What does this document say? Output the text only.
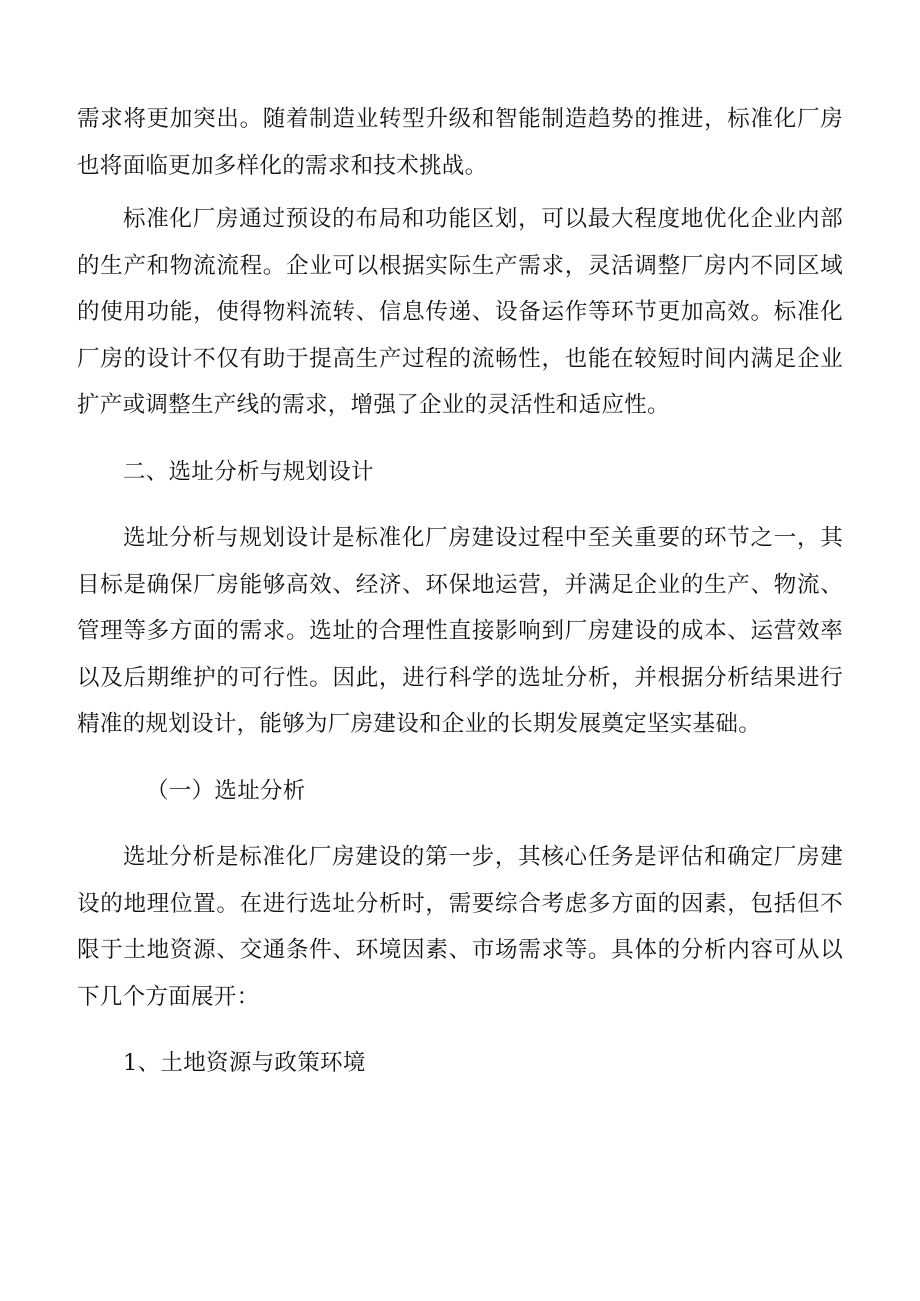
需求将更加突出。随着制造业转型升级和智能制造趋势的推进，标准化厂房也将面临更加多样化的需求和技术挑战。

标准化厂房通过预设的布局和功能区划，可以最大程度地优化企业内部的生产和物流流程。企业可以根据实际生产需求，灵活调整厂房内不同区域的使用功能，使得物料流转、信息传递、设备运作等环节更加高效。标准化厂房的设计不仅有助于提高生产过程的流畅性，也能在较短时间内满足企业扩产或调整生产线的需求，增强了企业的灵活性和适应性。

二、选址分析与规划设计

选址分析与规划设计是标准化厂房建设过程中至关重要的环节之一，其目标是确保厂房能够高效、经济、环保地运营，并满足企业的生产、物流、管理等多方面的需求。选址的合理性直接影响到厂房建设的成本、运营效率以及后期维护的可行性。因此，进行科学的选址分析，并根据分析结果进行精准的规划设计，能够为厂房建设和企业的长期发展奠定坚实基础。

（一）选址分析

选址分析是标准化厂房建设的第一步，其核心任务是评估和确定厂房建设的地理位置。在进行选址分析时，需要综合考虑多方面的因素，包括但不限于土地资源、交通条件、环境因素、市场需求等。具体的分析内容可从以下几个方面展开：

1、土地资源与政策环境
